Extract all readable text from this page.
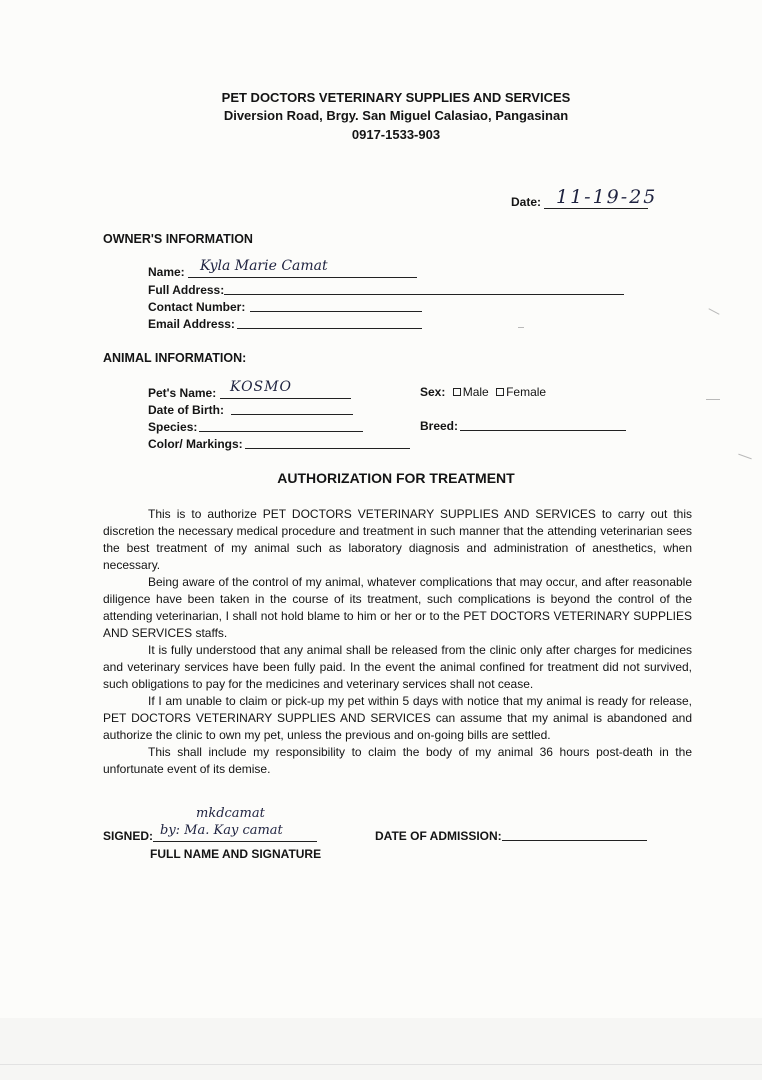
PET DOCTORS VETERINARY SUPPLIES AND SERVICES
Diversion Road, Brgy. San Miguel Calasiao, Pangasinan
0917-1533-903
Date: 11-19-25
OWNER'S INFORMATION
Name: Kyla Marie Camat
Full Address:
Contact Number:
Email Address:
ANIMAL INFORMATION:
Pet's Name: KOSMO
Date of Birth:
Species:
Color/ Markings:
Sex: Male Female
Breed:
AUTHORIZATION FOR TREATMENT

This is to authorize PET DOCTORS VETERINARY SUPPLIES AND SERVICES to carry out this discretion the necessary medical procedure and treatment in such manner that the attending veterinarian sees the best treatment of my animal such as laboratory diagnosis and administration of anesthetics, when necessary.

Being aware of the control of my animal, whatever complications that may occur, and after reasonable diligence have been taken in the course of its treatment, such complications is beyond the control of the attending veterinarian, I shall not hold blame to him or her or to the PET DOCTORS VETERINARY SUPPLIES AND SERVICES staffs.

It is fully understood that any animal shall be released from the clinic only after charges for medicines and veterinary services have been fully paid. In the event the animal confined for treatment did not survived, such obligations to pay for the medicines and veterinary services shall not cease.

If I am unable to claim or pick-up my pet within 5 days with notice that my animal is ready for release, PET DOCTORS VETERINARY SUPPLIES AND SERVICES can assume that my animal is abandoned and authorize the clinic to own my pet, unless the previous and on-going bills are settled.

This shall include my responsibility to claim the body of my animal 36 hours post-death in the unfortunate event of its demise.

SIGNED:
mkdcamat
by: Ma. Kay camat
FULL NAME AND SIGNATURE
DATE OF ADMISSION:
